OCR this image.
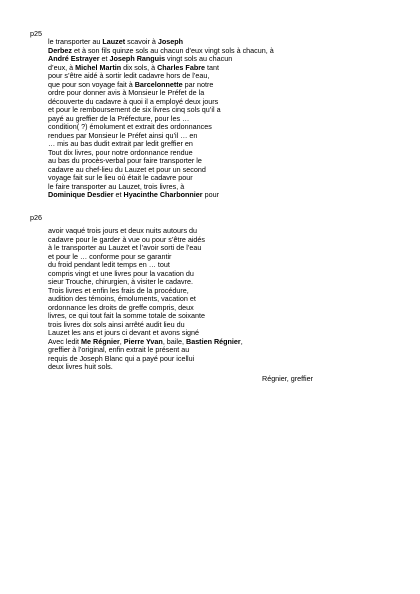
p25
le transporter au Lauzet scavoir à Joseph
Derbez et à son fils quinze sols au chacun d’eux vingt sols à chacun, à
André Estrayer et Joseph Ranguis vingt sols au chacun
d’eux, à Michel Martin dix sols, à Charles Fabre tant
pour s’être aidé à sortir ledit cadavre hors de l’eau,
que pour son voyage fait à Barcelonnette par notre
ordre pour donner avis à Monsieur le Préfet de la
découverte du cadavre à quoi il a employé deux jours
et pour le remboursement de six livres cinq sols qu’il a
payé au greffier de la Préfecture, pour les …
condition( ?) émolument et extrait des ordonnances
rendues par Monsieur le Préfet ainsi qu’il … en
… mis au bas dudit extrait par ledit greffier en
Tout dix livres, pour notre ordonnance rendue
au bas du procès-verbal pour faire transporter le
cadavre au chef-lieu du Lauzet et pour un second
voyage fait sur le lieu où était le cadavre pour
le faire transporter au Lauzet, trois livres, à
Dominique Desdier et Hyacinthe Charbonnier pour
p26
avoir vaqué trois jours et deux nuits autours du
cadavre pour le garder à vue ou pour s’être aidés
à le transporter au Lauzet et l’avoir sorti de l’eau
et pour le … conforme pour se garantir
du froid pendant ledit temps en … tout
compris vingt et une livres pour la vacation du
sieur Trouche, chirurgien, à visiter le cadavre.
Trois livres et enfin les frais de la procédure,
audition des témoins, émoluments, vacation et
ordonnance les droits de greffe compris, deux
livres, ce qui tout fait la somme totale de soixante
trois livres dix sols ainsi arrêté audit lieu du
Lauzet les ans et jours ci devant et avons signé
Avec ledit Me Régnier, Pierre Yvan, baile, Bastien Régnier,
greffier à l’original, enfin extrait le présent au
requis de Joseph Blanc qui a payé pour icellui
deux livres huit sols.
Régnier, greffier
